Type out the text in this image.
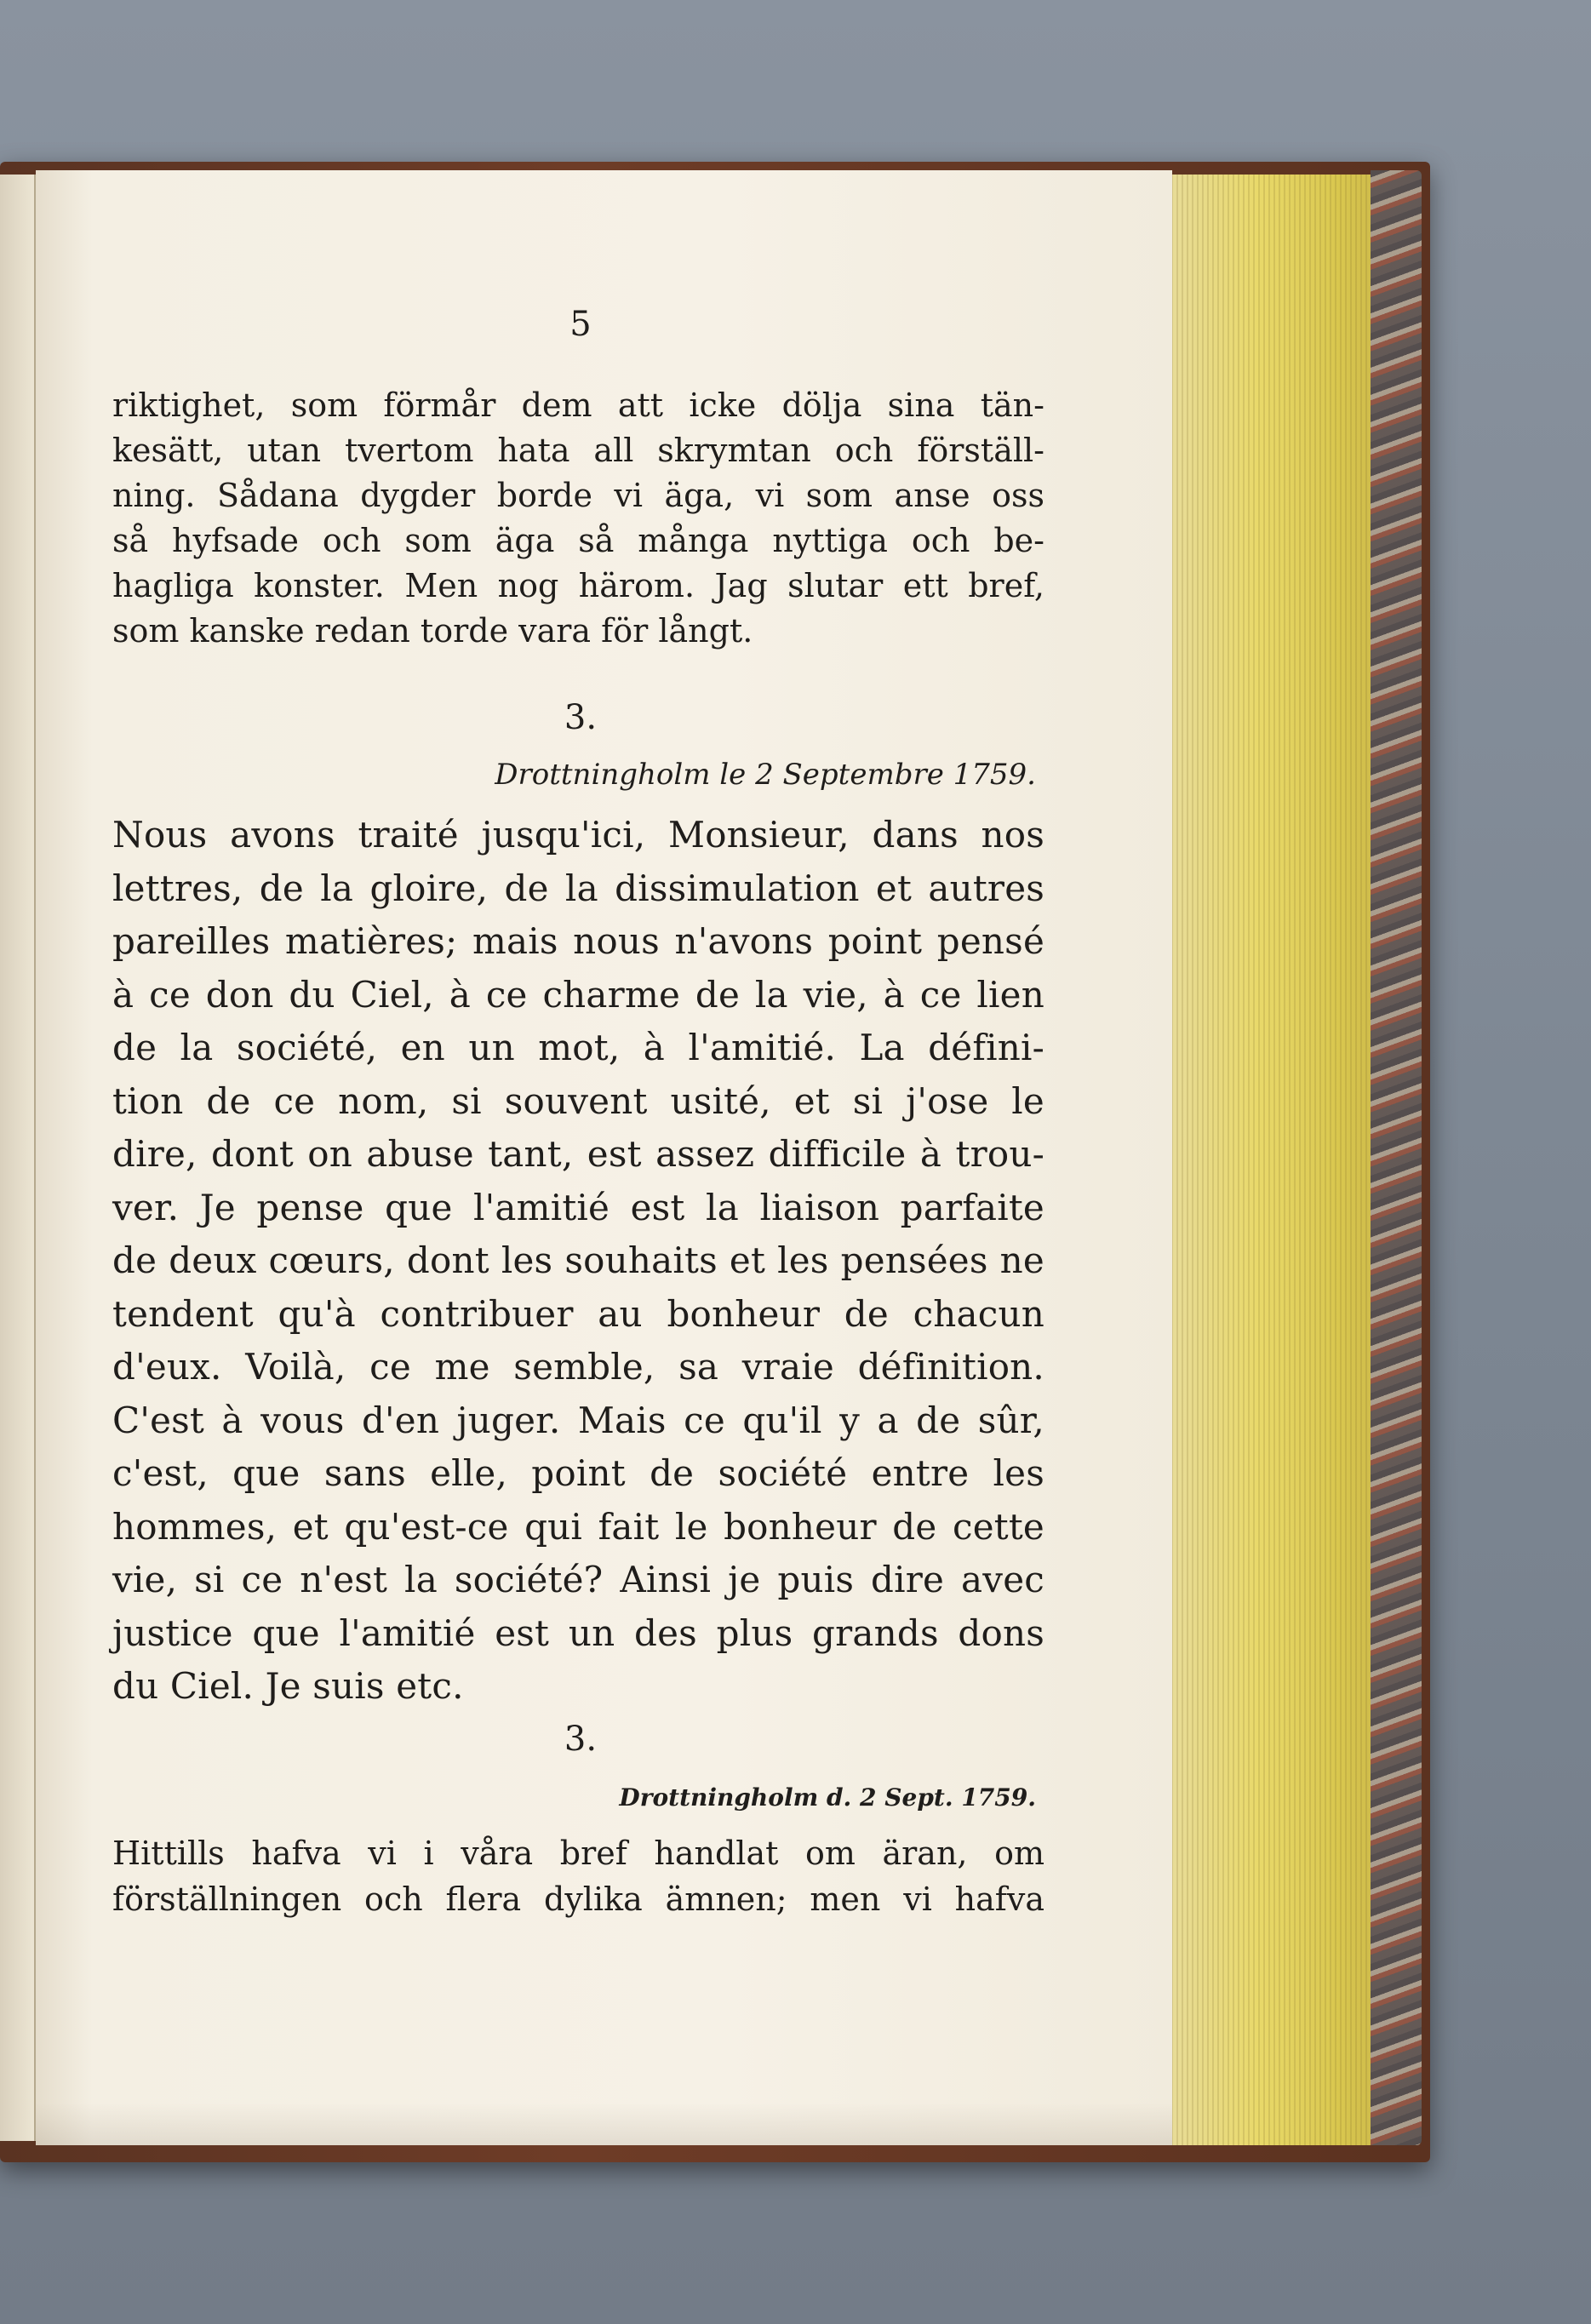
5
riktighet, som förmår dem att icke dölja sina tän-
kesätt, utan tvertom hata all skrymtan och förställ-
ning. Sådana dygder borde vi äga, vi som anse oss
så hyfsade och som äga så många nyttiga och be-
hagliga konster. Men nog härom. Jag slutar ett bref,
som kanske redan torde vara för långt.
3.
Drottningholm le 2 Septembre 1759.
Nous avons traité jusqu'ici, Monsieur, dans nos
lettres, de la gloire, de la dissimulation et autres
pareilles matières; mais nous n'avons point pensé
à ce don du Ciel, à ce charme de la vie, à ce lien
de la société, en un mot, à l'amitié. La défini-
tion de ce nom, si souvent usité, et si j'ose le
dire, dont on abuse tant, est assez difficile à trou-
ver. Je pense que l'amitié est la liaison parfaite
de deux cœurs, dont les souhaits et les pensées ne
tendent qu'à contribuer au bonheur de chacun
d'eux. Voilà, ce me semble, sa vraie définition.
C'est à vous d'en juger. Mais ce qu'il y a de sûr,
c'est, que sans elle, point de société entre les
hommes, et qu'est-ce qui fait le bonheur de cette
vie, si ce n'est la société? Ainsi je puis dire avec
justice que l'amitié est un des plus grands dons
du Ciel. Je suis etc.
3.
Drottningholm d. 2 Sept. 1759.
Hittills hafva vi i våra bref handlat om äran, om
förställningen och flera dylika ämnen; men vi hafva
